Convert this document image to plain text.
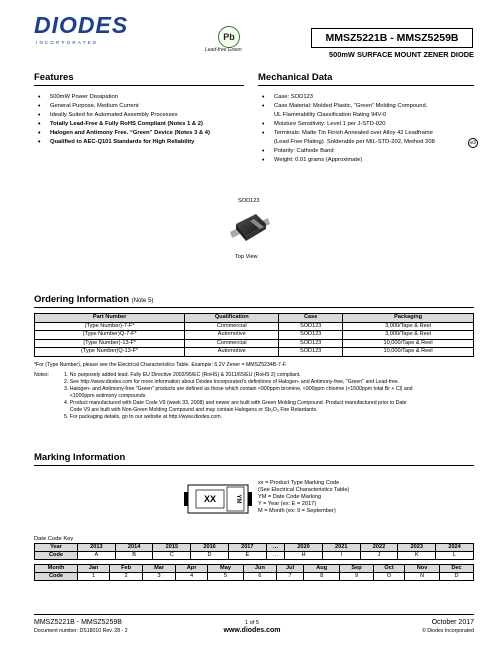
DIODES
INCORPORATED
Pb
Lead-free Green
MMSZ5221B - MMSZ5259B
500mW SURFACE MOUNT ZENER DIODE
Features
• 500mW Power Dissipation
• General Purpose, Medium Current
• Ideally Suited for Automated Assembly Processes
• Totally Lead-Free & Fully RoHS Compliant (Notes 1 & 2)
• Halogen and Antimony Free. “Green” Device (Notes 3 & 4)
• Qualified to AEC-Q101 Standards for High Reliability
Mechanical Data
• Case: SOD123
• Case Material: Molded Plastic, “Green” Molding Compound.
UL Flammability Classification Rating 94V-0
• Moisture Sensitivity: Level 1 per J-STD-020
• Terminals: Matte Tin Finish Annealed over Alloy 42 Leadframe
(Lead Free Plating). Solderable per MIL-STD-202, Method 208
• Polarity: Cathode Band
• Weight: 0.01 grams (Approximate)
e3
SOD123
Top View
Ordering Information (Note 5)
Part Number	Qualification	Case	Packaging
(Type Number)-7-F*	Commercial	SOD123	3,000/Tape & Reel
(Type Number)Q-7-F*	Automotive	SOD123	3,000/Tape & Reel
(Type Number)-13-F*	Commercial	SOD123	10,000/Tape & Reel
(Type Number)Q-13-F*	Automotive	SOD123	10,000/Tape & Reel
*For (Type Number), please see the Electrical Characteristics Table. Example: 6.2V Zener = MMSZ5234B-7-F.
Notes:	1. No purposely added lead. Fully EU Directive 2002/95/EC (RoHS) & 2011/65/EU (RoHS 2) compliant.
2. See http://www.diodes.com for more information about Diodes Incorporated’s definitions of Halogen- and Antimony-free, "Green" and Lead-free.
3. Halogen- and Antimony-free "Green" products are defined as those which contain <900ppm bromine, <900ppm chlorine (<1500ppm total Br + Cl) and
<1000ppm antimony compounds.
4. Product manufactured with Date Code V9 (week 33, 2008) and newer are built with Green Molding Compound. Product manufactured prior to Date
Code V9 are built with Non-Green Molding Compound and may contain Halogens or Sb₂O₃ Fire Retardants.
5. For packaging details, go to our website at http://www.diodes.com.
Marking Information
XX	YM
xx = Product Type Marking Code
(See Electrical Characteristics Table)
YM = Date Code Marking
Y = Year (ex: E = 2017)
M = Month (ex: 9 = September)
Date Code Key
Year	2013	2014	2015	2016	2017	…	2020	2021	2022	2023	2024
Code	A	B	C	D	E	…	H	I	J	K	L
Month	Jan	Feb	Mar	Apr	May	Jun	Jul	Aug	Sep	Oct	Nov	Dec
Code	1	2	3	4	5	6	7	8	9	O	N	D
MMSZ5221B - MMSZ5259B
Document number: DS18010 Rev. 28 - 2
1 of 5
www.diodes.com
October 2017
© Diodes Incorporated
